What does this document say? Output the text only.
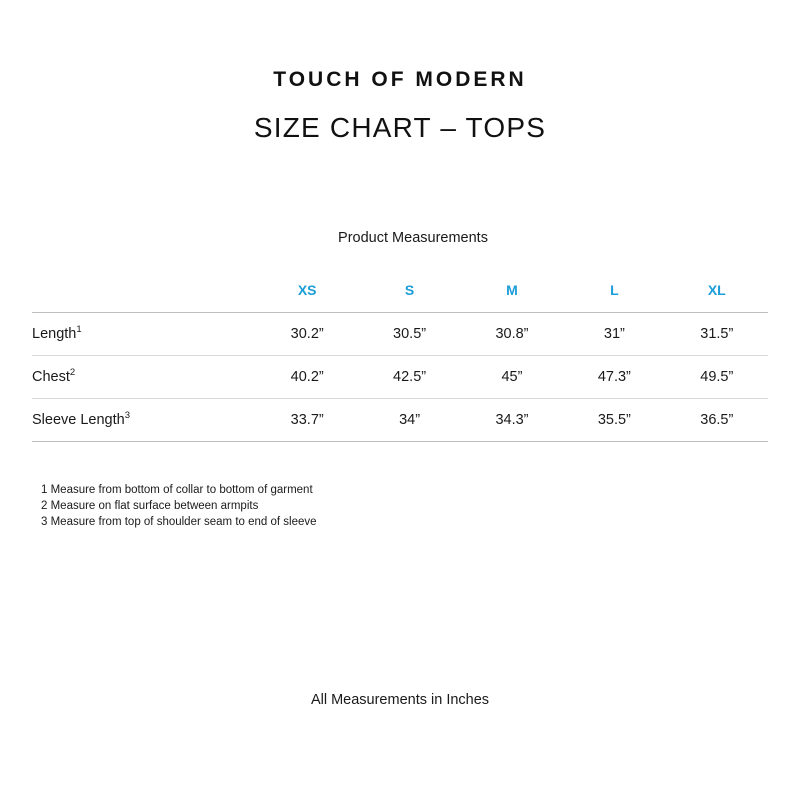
TOUCH OF MODERN
SIZE CHART – TOPS
Product Measurements
	XS	S	M	L	XL
Length$^1$	30.2”	30.5”	30.8”	31”	31.5”
Chest$^2$	40.2”	42.5”	45”	47.3”	49.5”
Sleeve Length$^3$	33.7”	34”	34.3”	35.5”	36.5”
1 Measure from bottom of collar to bottom of garment
2 Measure on flat surface between armpits
3 Measure from top of shoulder seam to end of sleeve
All Measurements in Inches
